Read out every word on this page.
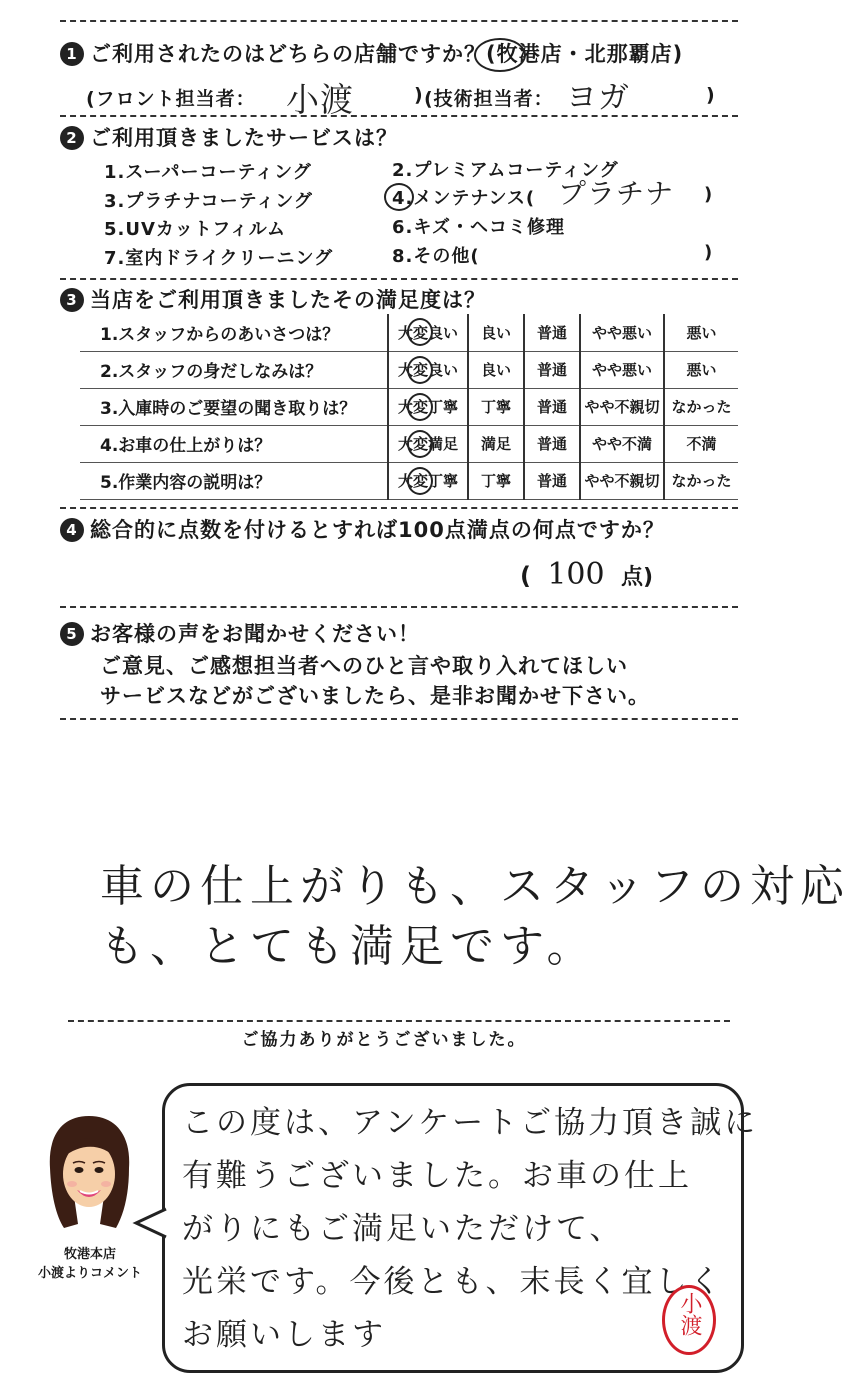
1 ご利用されたのはどちらの店舗ですか？(牧港店・北那覇店)
(フロント担当者： 小渡	) (技術担当者： ヨガ	)
2 ご利用頂きましたサービスは？
1.スーパーコーティング	2.プレミアムコーティング
3.プラチナコーティング	4.メンテナンス( プラチナ )
5.UVカットフィルム	6.キズ・ヘコミ修理
7.室内ドライクリーニング	8.その他(	)
3 当店をご利用頂きましたその満足度は？
1.スタッフからのあいさつは？	大変良い	良い	普通	やや悪い	悪い
2.スタッフの身だしなみは？	大変良い	良い	普通	やや悪い	悪い
3.入庫時のご要望の聞き取りは？	大変丁寧	丁寧	普通	やや不親切	なかった
4.お車の仕上がりは？	大変満足	満足	普通	やや不満	不満
5.作業内容の説明は？	大変丁寧	丁寧	普通	やや不親切	なかった
4 総合的に点数を付けるとすれば100点満点の何点ですか？
( 100 点)
5 お客様の声をお聞かせください！
ご意見、ご感想担当者へのひと言や取り入れてほしい
サービスなどがございましたら、是非お聞かせ下さい。
車の仕上がりも、スタッフの対応
も、とても満足です。
ご協力ありがとうございました。
牧港本店
小渡よりコメント
この度は、アンケートご協力頂き誠に
有難うございました。お車の仕上
がりにもご満足いただけて、
光栄です。今後とも、末長く宜しく
お願いします	小渡
